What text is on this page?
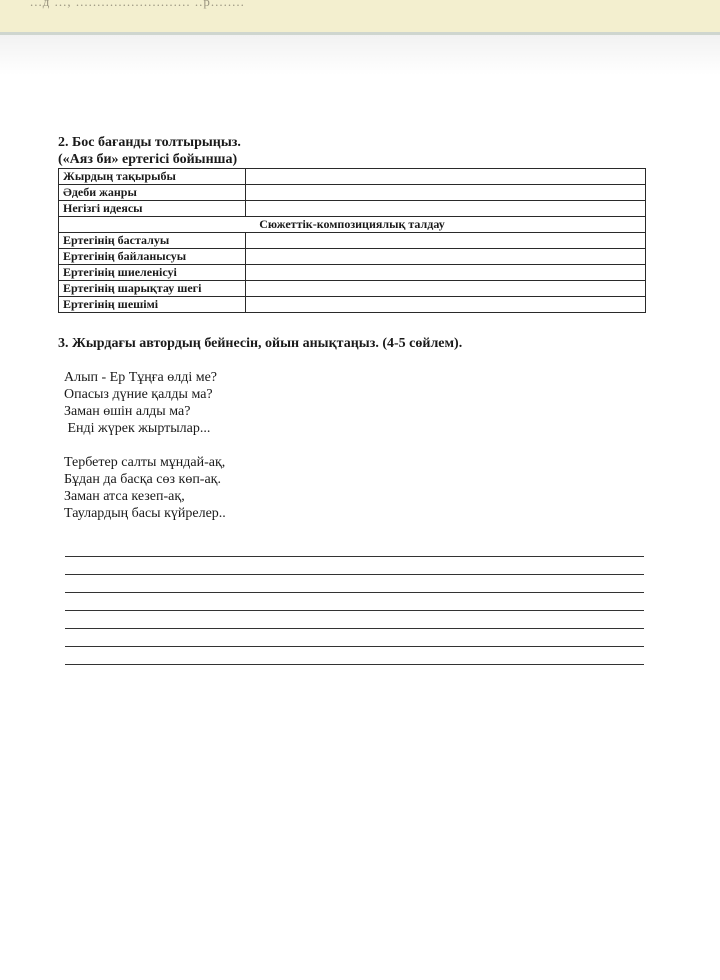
...д ..., ........................... ..р........

2. Бос бағанды толтырыңыз.

(«Аяз би» ертегісі бойынша)

Жырдың тақырыбы	
Әдеби жанры	
Негізгі идеясы	
Сюжеттік-композициялық талдау	
Ертегінің басталуы	
Ертегінің байланысуы	
Ертегінің шиеленісуі	
Ертегінің шарықтау шегі	
Ертегінің шешімі	
3. Жырдағы автордың бейнесін, ойын анықтаңыз. (4-5 сөйлем).
Алып - Ер Тұңға өлді ме?
Опасыз дүние қалды ма?
Заман өшін алды ма?
Енді жүрек жыртылар...
Тербетер салты мұндай-ақ,
Бұдан да басқа сөз көп-ақ.
Заман атса кезеп-ақ,
Таулардың басы күйрелер..
